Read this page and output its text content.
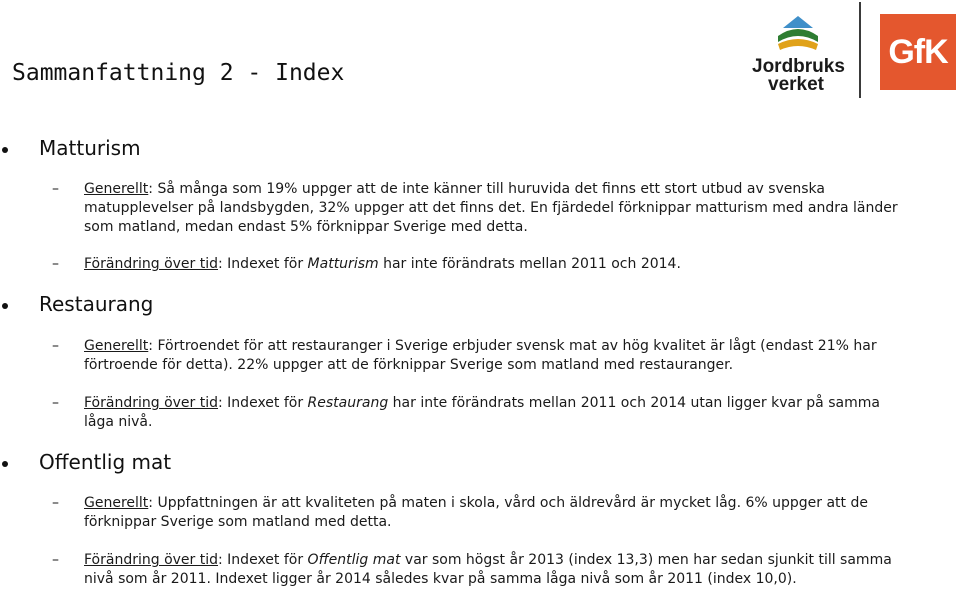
Sammanfattning 2 - Index	Jordbruks
verket
GfK
Matturism
– Generellt: Så många som 19% uppger att de inte känner till huruvida det finns ett stort utbud av svenska matupplevelser på landsbygden, 32% uppger att det finns det. En fjärdedel förknippar matturism med andra länder som matland, medan endast 5% förknippar Sverige med detta.
– Förändring över tid: Indexet för Matturism har inte förändrats mellan 2011 och 2014.
Restaurang
– Generellt: Förtroendet för att restauranger i Sverige erbjuder svensk mat av hög kvalitet är lågt (endast 21% har förtroende för detta). 22% uppger att de förknippar Sverige som matland med restauranger.
– Förändring över tid: Indexet för Restaurang har inte förändrats mellan 2011 och 2014 utan ligger kvar på samma låga nivå.
Offentlig mat
– Generellt: Uppfattningen är att kvaliteten på maten i skola, vård och äldrevård är mycket låg. 6% uppger att de förknippar Sverige som matland med detta.
– Förändring över tid: Indexet för Offentlig mat var som högst år 2013 (index 13,3) men har sedan sjunkit till samma nivå som år 2011. Indexet ligger år 2014 således kvar på samma låga nivå som år 2011 (index 10,0).
